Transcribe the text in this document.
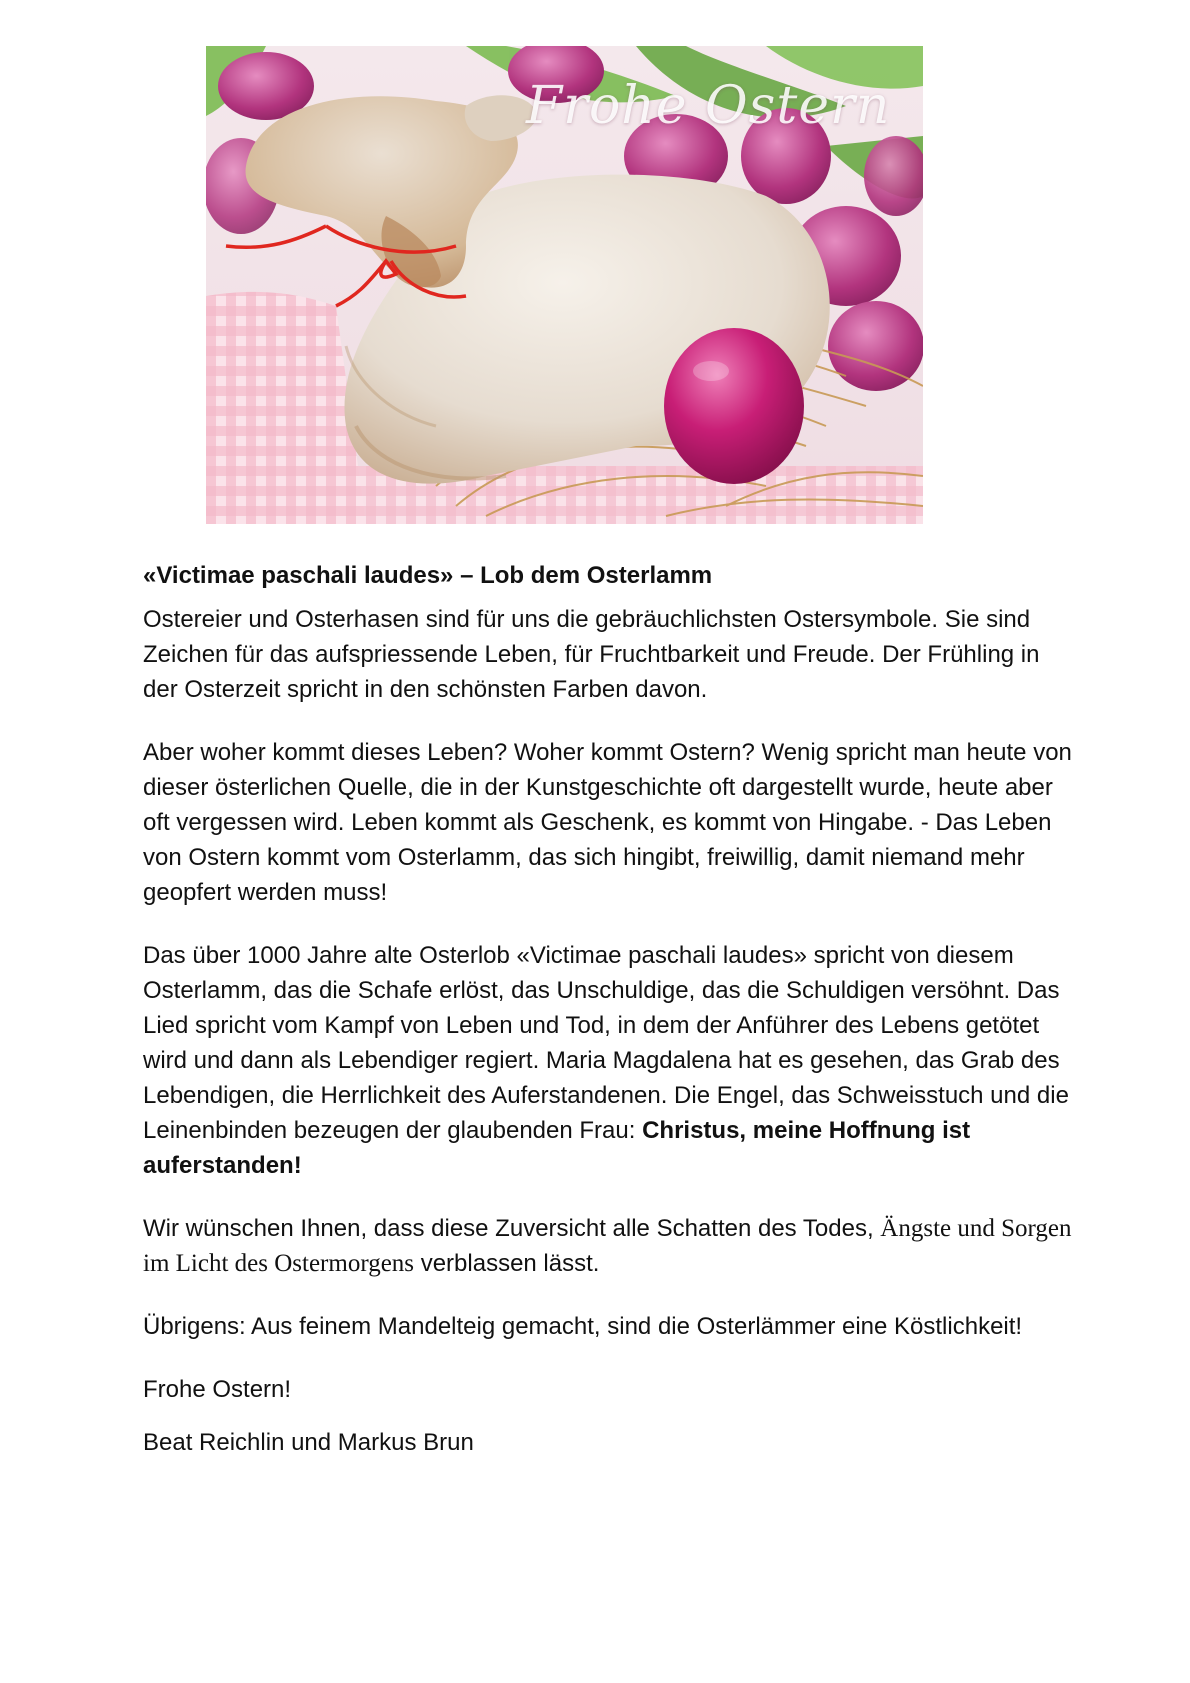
Frohe Ostern
«Victimae paschali laudes» – Lob dem Osterlamm

Ostereier und Osterhasen sind für uns die gebräuchlichsten Ostersymbole. Sie sind Zeichen für das aufspriessende Leben, für Fruchtbarkeit und Freude. Der Frühling in der Osterzeit spricht in den schönsten Farben davon.

Aber woher kommt dieses Leben? Woher kommt Ostern? Wenig spricht man heute von dieser österlichen Quelle, die in der Kunstgeschichte oft dargestellt wurde, heute aber oft vergessen wird. Leben kommt als Geschenk, es kommt von Hingabe. - Das Leben von Ostern kommt vom Osterlamm, das sich hingibt, freiwillig, damit niemand mehr geopfert werden muss!

Das über 1000 Jahre alte Osterlob «Victimae paschali laudes» spricht von diesem Osterlamm, das die Schafe erlöst, das Unschuldige, das die Schuldigen versöhnt. Das Lied spricht vom Kampf von Leben und Tod, in dem der Anführer des Lebens getötet wird und dann als Lebendiger regiert. Maria Magdalena hat es gesehen, das Grab des Lebendigen, die Herrlichkeit des Auferstandenen. Die Engel, das Schweisstuch und die Leinenbinden bezeugen der glaubenden Frau: Christus, meine Hoffnung ist auferstanden!

Wir wünschen Ihnen, dass diese Zuversicht alle Schatten des Todes, Ängste und Sorgen im Licht des Ostermorgens verblassen lässt.

Übrigens: Aus feinem Mandelteig gemacht, sind die Osterlämmer eine Köstlichkeit!

Frohe Ostern!

Beat Reichlin und Markus Brun
